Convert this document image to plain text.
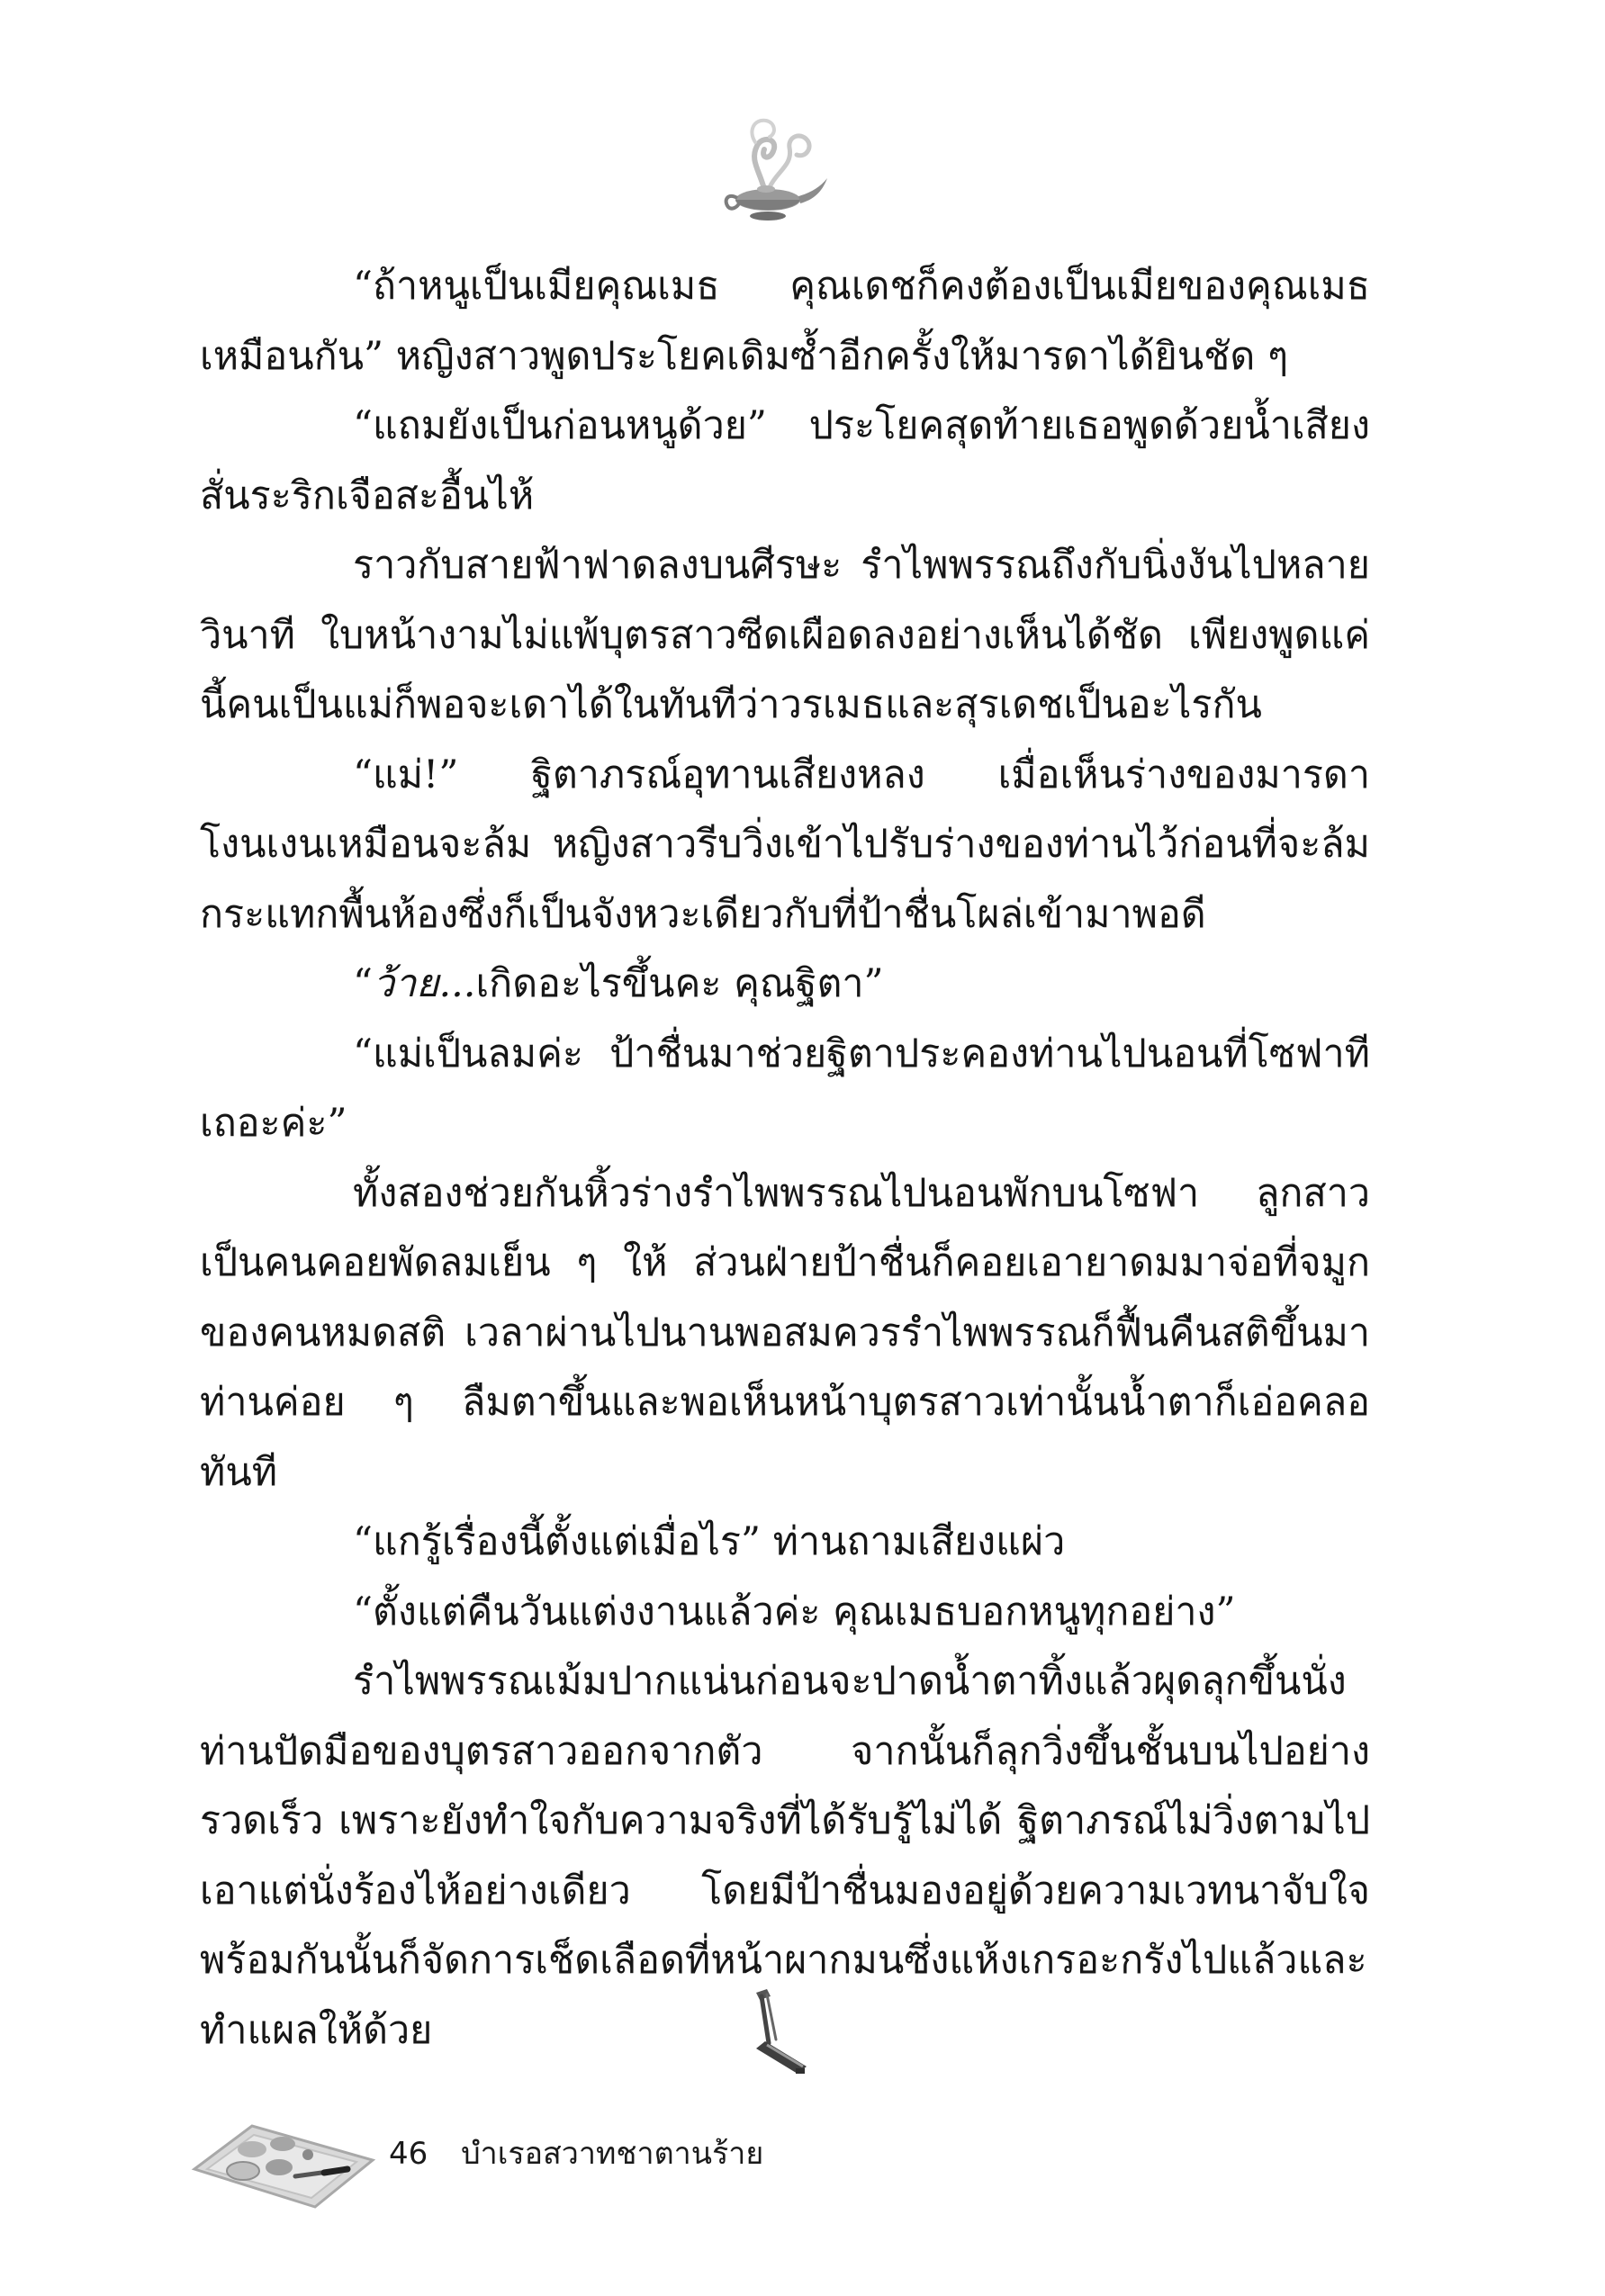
“ถ้าหนูเป็นเมียคุณเมธ คุณเดชก็คงต้องเป็นเมียของคุณเมธเหมือนกัน” หญิงสาวพูดประโยคเดิมซ้ำอีกครั้งให้มารดาได้ยินชัด ๆ

“แถมยังเป็นก่อนหนูด้วย” ประโยคสุดท้ายเธอพูดด้วยน้ำเสียงสั่นระริกเจือสะอื้นไห้

ราวกับสายฟ้าฟาดลงบนศีรษะ รำไพพรรณถึงกับนิ่งงันไปหลายวินาที ใบหน้างามไม่แพ้บุตรสาวซีดเผือดลงอย่างเห็นได้ชัด เพียงพูดแค่นี้คนเป็นแม่ก็พอจะเดาได้ในทันทีว่าวรเมธและสุรเดชเป็นอะไรกัน

“แม่!” ฐิตาภรณ์อุทานเสียงหลง เมื่อเห็นร่างของมารดาโงนเงนเหมือนจะล้ม หญิงสาวรีบวิ่งเข้าไปรับร่างของท่านไว้ก่อนที่จะล้มกระแทกพื้นห้องซึ่งก็เป็นจังหวะเดียวกับที่ป้าชื่นโผล่เข้ามาพอดี

“ว้าย...เกิดอะไรขึ้นคะ คุณฐิตา”

“แม่เป็นลมค่ะ ป้าชื่นมาช่วยฐิตาประคองท่านไปนอนที่โซฟาทีเถอะค่ะ”

ทั้งสองช่วยกันหิ้วร่างรำไพพรรณไปนอนพักบนโซฟา ลูกสาวเป็นคนคอยพัดลมเย็น ๆ ให้ ส่วนฝ่ายป้าชื่นก็คอยเอายาดมมาจ่อที่จมูกของคนหมดสติ เวลาผ่านไปนานพอสมควรรำไพพรรณก็ฟื้นคืนสติขึ้นมา ท่านค่อย ๆ ลืมตาขึ้นและพอเห็นหน้าบุตรสาวเท่านั้นน้ำตาก็เอ่อคลอทันที

“แกรู้เรื่องนี้ตั้งแต่เมื่อไร” ท่านถามเสียงแผ่ว

“ตั้งแต่คืนวันแต่งงานแล้วค่ะ คุณเมธบอกหนูทุกอย่าง”

รำไพพรรณเม้มปากแน่นก่อนจะปาดน้ำตาทิ้งแล้วผุดลุกขึ้นนั่ง ท่านปัดมือของบุตรสาวออกจากตัว จากนั้นก็ลุกวิ่งขึ้นชั้นบนไปอย่างรวดเร็ว เพราะยังทำใจกับความจริงที่ได้รับรู้ไม่ได้ ฐิตาภรณ์ไม่วิ่งตามไปเอาแต่นั่งร้องไห้อย่างเดียว โดยมีป้าชื่นมองอยู่ด้วยความเวทนาจับใจ พร้อมกันนั้นก็จัดการเช็ดเลือดที่หน้าผากมนซึ่งแห้งเกรอะกรังไปแล้วและทำแผลให้ด้วย

46 บำเรอสวาทชาตานร้าย
